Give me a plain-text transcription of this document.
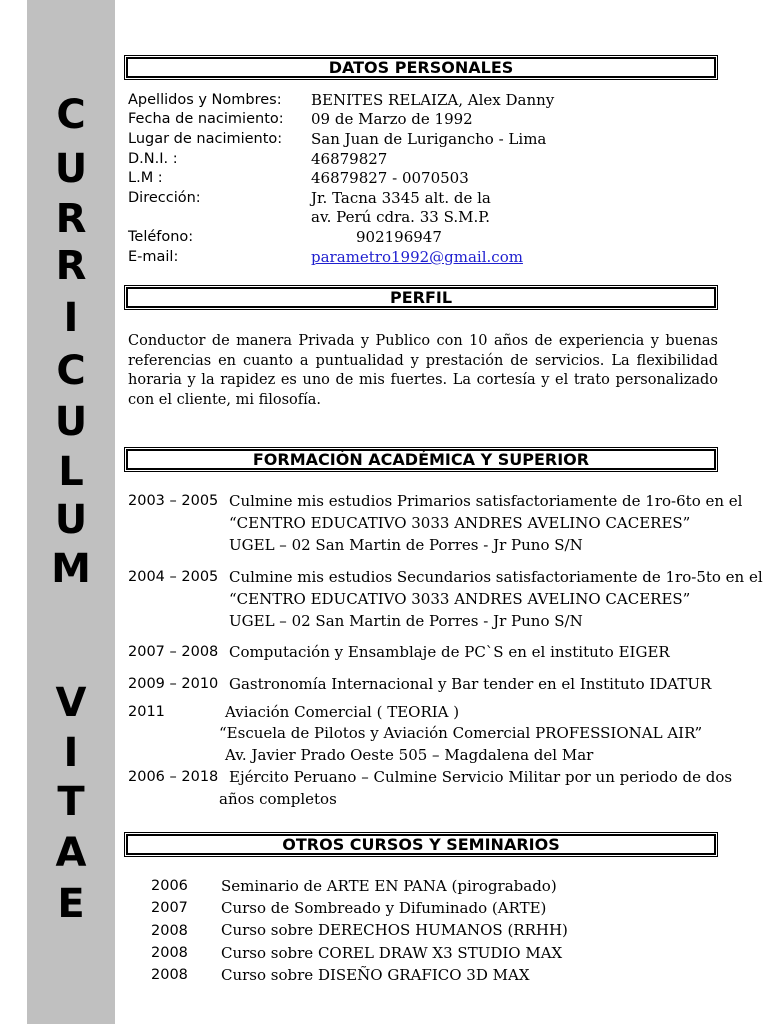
C
U
R
R
I
C
U
L
U
M
V
I
T
A
E
DATOS PERSONALES
Apellidos y Nombres: BENITES RELAIZA, Alex Danny
Fecha de nacimiento: 09 de Marzo de 1992
Lugar de nacimiento: San Juan de Lurigancho - Lima
D.N.I. :	46879827
L.M :	46879827 - 0070503
Dirección:	Jr. Tacna 3345 alt. de la
av. Perú cdra. 33 S.M.P.
Teléfono:	902196947
E-mail:	parametro1992@gmail.com
PERFIL
Conductor de manera Privada y Publico con 10 años de experiencia y buenas referencias en cuanto a puntualidad y prestación de servicios. La flexibilidad horaria y la rapidez es uno de mis fuertes. La cortesía y el trato personalizado con el cliente, mi filosofía.
FORMACIÓN ACADÉMICA Y SUPERIOR
2003 – 2005 Culmine mis estudios Primarios satisfactoriamente de 1ro-6to en el
“CENTRO EDUCATIVO 3033 ANDRES AVELINO CACERES”
UGEL – 02 San Martin de Porres - Jr Puno S/N
2004 – 2005 Culmine mis estudios Secundarios satisfactoriamente de 1ro-5to en el
“CENTRO EDUCATIVO 3033 ANDRES AVELINO CACERES”
UGEL – 02 San Martin de Porres - Jr Puno S/N
2007 – 2008 Computación y Ensamblaje de PC`S en el instituto EIGER
2009 – 2010 Gastronomía Internacional y Bar tender en el Instituto IDATUR
2011	Aviación Comercial ( TEORIA )
“Escuela de Pilotos y Aviación Comercial PROFESSIONAL AIR”
Av. Javier Prado Oeste 505 – Magdalena del Mar
2006 – 2018 Ejército Peruano – Culmine Servicio Militar por un periodo de dos
años completos
OTROS CURSOS Y SEMINARIOS
2006 Seminario de ARTE EN PANA (pirograbado)
2007 Curso de Sombreado y Difuminado (ARTE)
2008 Curso sobre DERECHOS HUMANOS (RRHH)
2008 Curso sobre COREL DRAW X3 STUDIO MAX
2008 Curso sobre DISEÑO GRAFICO 3D MAX
